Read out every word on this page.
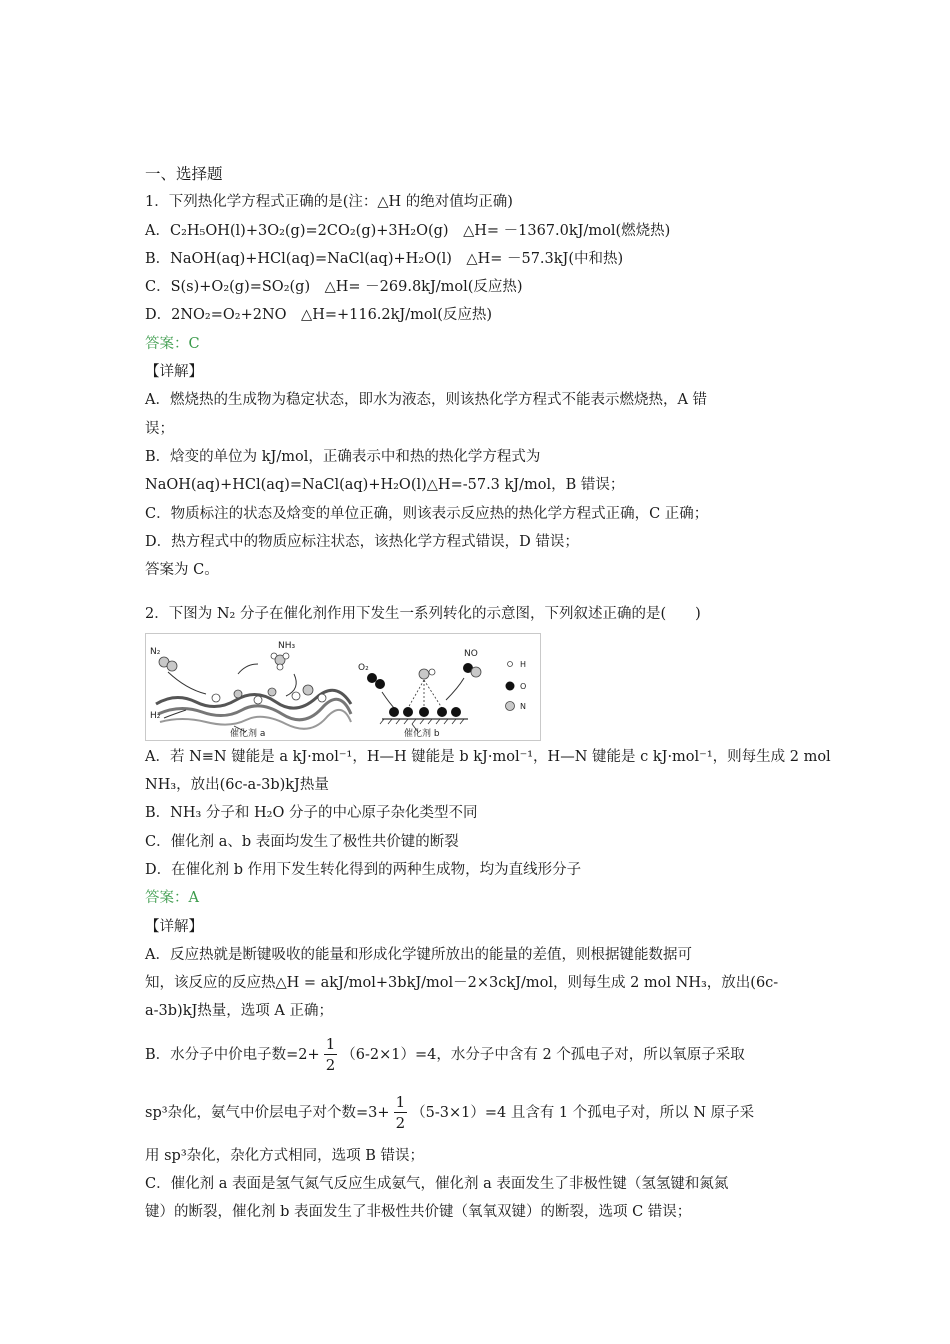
一、选择题
1．下列热化学方程式正确的是(注：△H 的绝对值均正确)
A．C₂H₅OH(l)+3O₂(g)=2CO₂(g)+3H₂O(g)　△H= －1367.0kJ/mol(燃烧热)
B．NaOH(aq)+HCl(aq)=NaCl(aq)+H₂O(l)　△H= －57.3kJ(中和热)
C．S(s)+O₂(g)=SO₂(g)　△H= －269.8kJ/mol(反应热)
D．2NO₂=O₂+2NO　△H=+116.2kJ/mol(反应热)
答案：C
【详解】
A．燃烧热的生成物为稳定状态，即水为液态，则该热化学方程式不能表示燃烧热，A 错
误；
B．焓变的单位为 kJ/mol，正确表示中和热的热化学方程式为
NaOH(aq)+HCl(aq)=NaCl(aq)+H₂O(l)△H=-57.3 kJ/mol，B 错误；
C．物质标注的状态及焓变的单位正确，则该表示反应热的热化学方程式正确，C 正确；
D．热方程式中的物质应标注状态，该热化学方程式错误，D 错误；
答案为 C。
2．下图为 N₂ 分子在催化剂作用下发生一系列转化的示意图，下列叙述正确的是(　　)
N₂
NH₃
H₂
催化剂 a
O₂
NO
催化剂 b
H
O
N
A．若 N≡N 键能是 a kJ·mol⁻¹，H—H 键能是 b kJ·mol⁻¹，H—N 键能是 c kJ·mol⁻¹，则每生成 2 mol
NH₃，放出(6c-a-3b)kJ热量
B．NH₃ 分子和 H₂O 分子的中心原子杂化类型不同
C．催化剂 a、b 表面均发生了极性共价键的断裂
D．在催化剂 b 作用下发生转化得到的两种生成物，均为直线形分子
答案：A
【详解】
A．反应热就是断键吸收的能量和形成化学键所放出的能量的差值，则根据键能数据可
知，该反应的反应热△H = akJ/mol+3bkJ/mol－2×3ckJ/mol，则每生成 2 mol NH₃，放出(6c-
a-3b)kJ热量，选项 A 正确；
B．水分子中价电子数$=2+ \frac{1}{2} (6-2\times 1)=4$，水分子中含有 2 个孤电子对，所以氧原子采取
sp³杂化，氨气中价层电子对个数$=3+ \frac{1}{2} (5-3\times 1)=4$ 且含有 1 个孤电子对，所以 N 原子采
用 sp³杂化，杂化方式相同，选项 B 错误；
C．催化剂 a 表面是氢气氮气反应生成氨气，催化剂 a 表面发生了非极性键（氢氢键和氮氮
键）的断裂，催化剂 b 表面发生了非极性共价键（氧氧双键）的断裂，选项 C 错误；
